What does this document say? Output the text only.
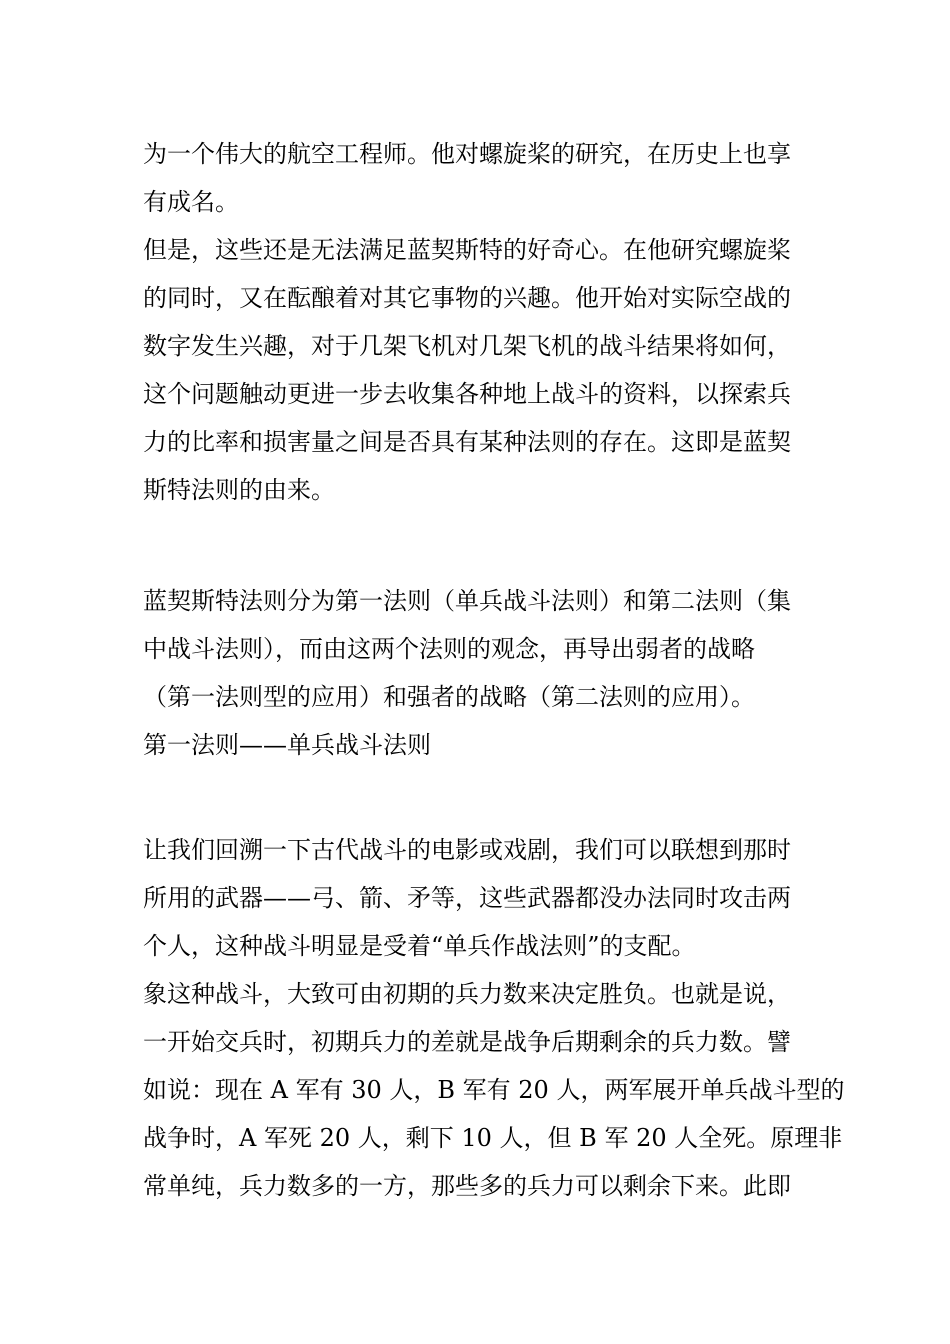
为一个伟大的航空工程师。他对螺旋桨的研究，在历史上也享
有成名。
但是，这些还是无法满足蓝契斯特的好奇心。在他研究螺旋桨
的同时，又在酝酿着对其它事物的兴趣。他开始对实际空战的
数字发生兴趣，对于几架飞机对几架飞机的战斗结果将如何，
这个问题触动更进一步去收集各种地上战斗的资料，以探索兵
力的比率和损害量之间是否具有某种法则的存在。这即是蓝契
斯特法则的由来。
蓝契斯特法则分为第一法则（单兵战斗法则）和第二法则（集
中战斗法则），而由这两个法则的观念，再导出弱者的战略
（第一法则型的应用）和强者的战略（第二法则的应用）。
第一法则——单兵战斗法则
让我们回溯一下古代战斗的电影或戏剧，我们可以联想到那时
所用的武器——弓、箭、矛等，这些武器都没办法同时攻击两
个人，这种战斗明显是受着“单兵作战法则”的支配。
象这种战斗，大致可由初期的兵力数来决定胜负。也就是说，
一开始交兵时，初期兵力的差就是战争后期剩余的兵力数。譬
如说：现在 A 军有 30 人，B 军有 20 人，两军展开单兵战斗型的
战争时，A 军死 20 人，剩下 10 人，但 B 军 20 人全死。原理非
常单纯，兵力数多的一方，那些多的兵力可以剩余下来。此即
